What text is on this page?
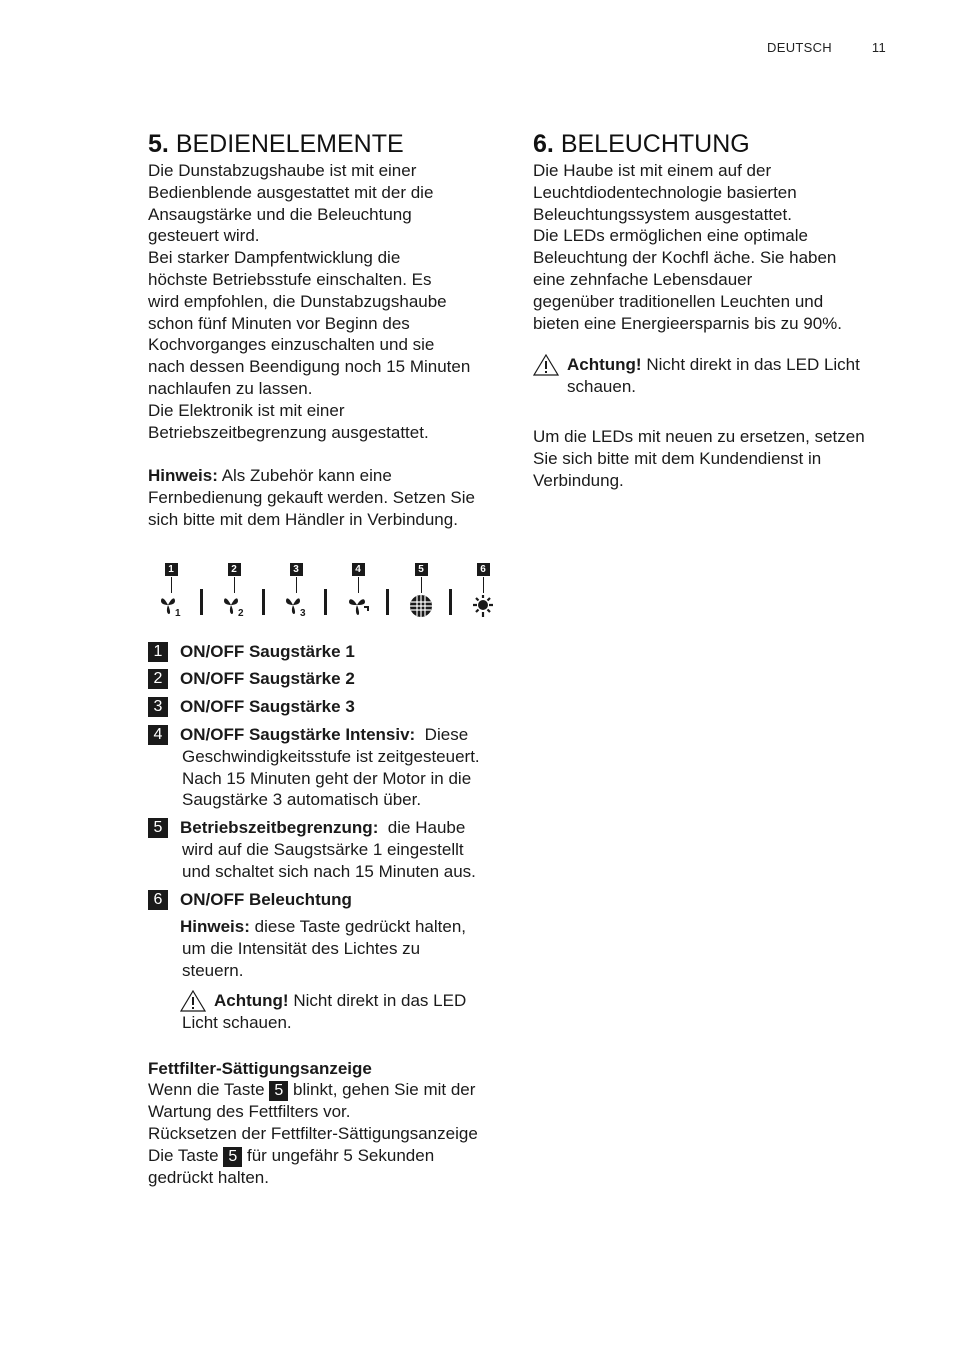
DEUTSCH	11
5. BEDIENELEMENTE

Die Dunstabzugshaube ist mit einer

Bedienblende ausgestattet mit der die

Ansaugstärke und die Beleuchtung

gesteuert wird.

Bei starker Dampfentwicklung die

höchste Betriebsstufe einschalten. Es

wird empfohlen, die Dunstabzugshaube

schon fünf Minuten vor Beginn des

Kochvorganges einzuschalten und sie

nach dessen Beendigung noch 15 Minuten

nachlaufen zu lassen.

Die Elektronik ist mit einer

Betriebszeitbegrenzung ausgestattet.

Hinweis: Als Zubehör kann eine

Fernbedienung gekauft werden. Setzen Sie

sich bitte mit dem Händler in Verbindung.

1
1
2
2
3
3
4	5	6
1	ON/OFF Saugstärke 1
2	ON/OFF Saugstärke 2
3	ON/OFF Saugstärke 3
4	ON/OFF Saugstärke Intensiv:  Diese
Geschwindigkeitsstufe ist zeitgesteuert.
Nach 15 Minuten geht der Motor in die
Saugstärke 3 automatisch über.
5	Betriebszeitbegrenzung:  die Haube
wird auf die Saugstsärke 1 eingestellt
und schaltet sich nach 15 Minuten aus.
6	ON/OFF Beleuchtung
Hinweis: diese Taste gedrückt halten,
um die Intensität des Lichtes zu
steuern.
Achtung! Nicht direkt in das LED
Licht schauen.

Fettfilter-Sättigungsanzeige

Wenn die Taste 5 blinkt, gehen Sie mit der

Wartung des Fettfilters vor.

Rücksetzen der Fettfilter-Sättigungsanzeige

Die Taste 5 für ungefähr 5 Sekunden

gedrückt halten.

6. BELEUCHTUNG

Die Haube ist mit einem auf der

Leuchtdiodentechnologie basierten

Beleuchtungssystem ausgestattet.

Die LEDs ermöglichen eine optimale

Beleuchtung der Kochfl äche. Sie haben

eine zehnfache Lebensdauer

gegenüber traditionellen Leuchten und

bieten eine Energieersparnis bis zu 90%.

Achtung! Nicht direkt in das LED Licht

schauen.

Um die LEDs mit neuen zu ersetzen, setzen

Sie sich bitte mit dem Kundendienst in

Verbindung.
